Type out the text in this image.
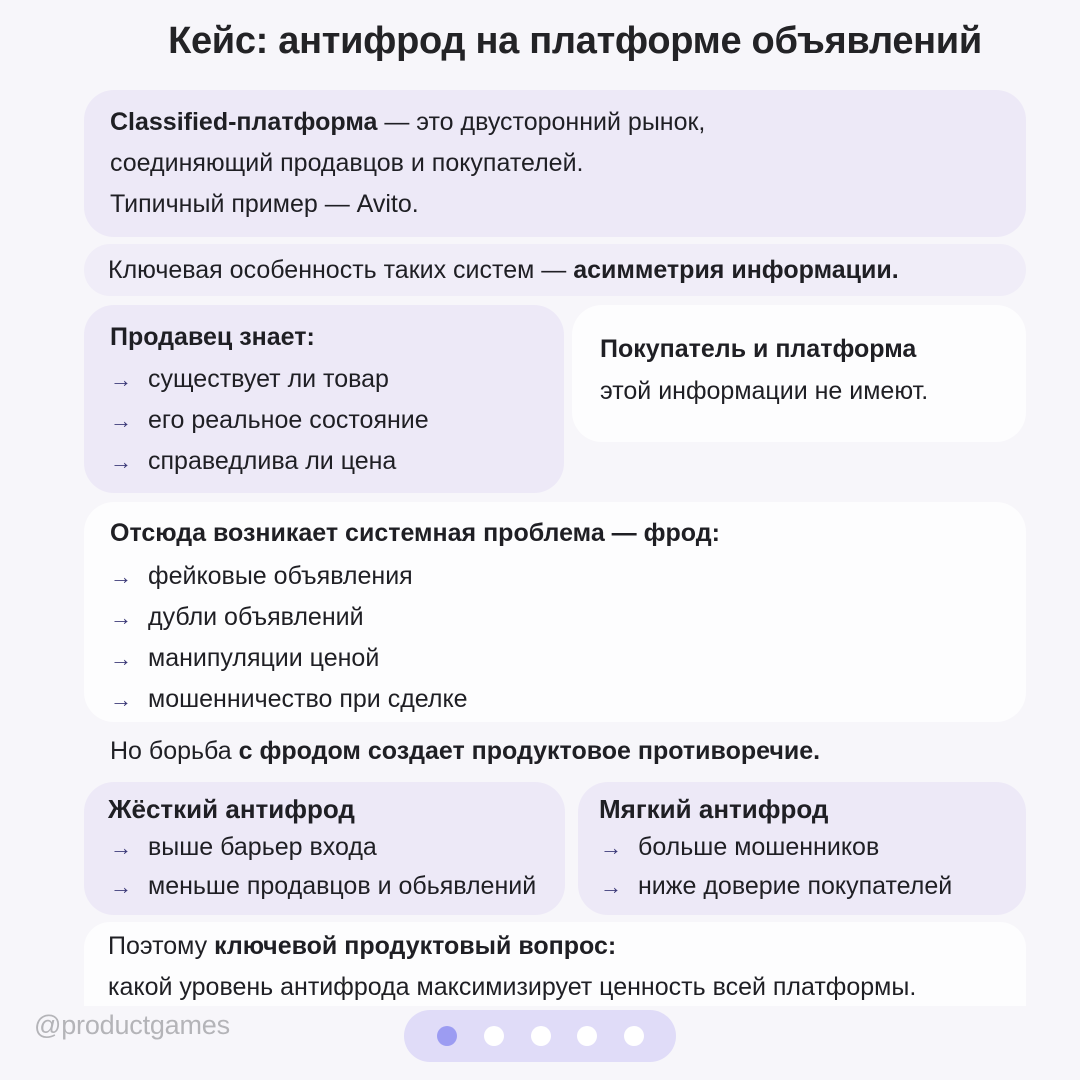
Кейс: антифрод на платформе объявлений
Classified-платформа — это двусторонний рынок,
соединяющий продавцов и покупателей.
Типичный пример — Avito.
Ключевая особенность таких систем — асимметрия информации.
Продавец знает:
→ существует ли товар
→ его реальное состояние
→ справедлива ли цена
Покупатель и платформа
этой информации не имеют.
Отсюда возникает системная проблема — фрод:
→ фейковые объявления
→ дубли объявлений
→ манипуляции ценой
→ мошенничество при сделке
Но борьба с фродом создает продуктовое противоречие.
Жёсткий антифрод
→ выше барьер входа
→ меньше продавцов и обьявлений
Мягкий антифрод
→ больше мошенников
→ ниже доверие покупателей
Поэтому ключевой продуктовый вопрос:
какой уровень антифрода максимизирует ценность всей платформы.
@productgames
